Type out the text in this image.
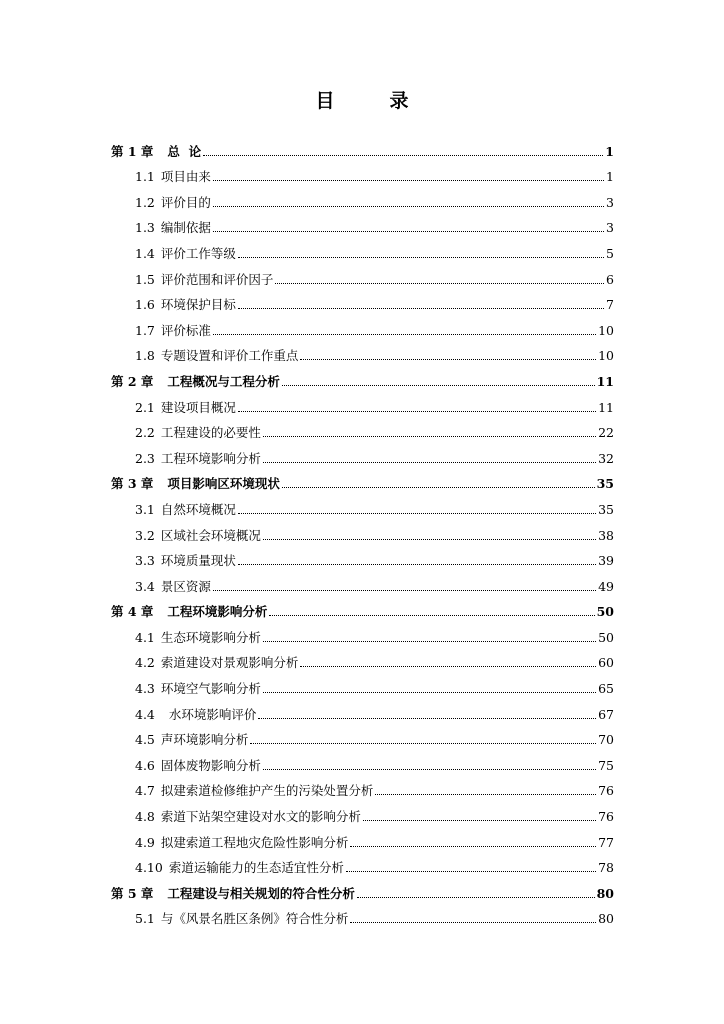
目　录
第 1 章 总  论	1
1.1 项目由来	1
1.2 评价目的	3
1.3 编制依据	3
1.4 评价工作等级	5
1.5 评价范围和评价因子	6
1.6 环境保护目标	7
1.7 评价标准	10
1.8 专题设置和评价工作重点	10
第 2 章 工程概况与工程分析	11
2.1 建设项目概况	11
2.2 工程建设的必要性	22
2.3 工程环境影响分析	32
第 3 章 项目影响区环境现状	35
3.1 自然环境概况	35
3.2 区域社会环境概况	38
3.3 环境质量现状	39
3.4 景区资源	49
第 4 章 工程环境影响分析	50
4.1 生态环境影响分析	50
4.2 索道建设对景观影响分析	60
4.3 环境空气影响分析	65
4.4 水环境影响评价	67
4.5 声环境影响分析	70
4.6 固体废物影响分析	75
4.7 拟建索道检修维护产生的污染处置分析	76
4.8 索道下站架空建设对水文的影响分析	76
4.9 拟建索道工程地灾危险性影响分析	77
4.10 索道运输能力的生态适宜性分析	78
第 5 章 工程建设与相关规划的符合性分析	80
5.1 与《风景名胜区条例》符合性分析	80
